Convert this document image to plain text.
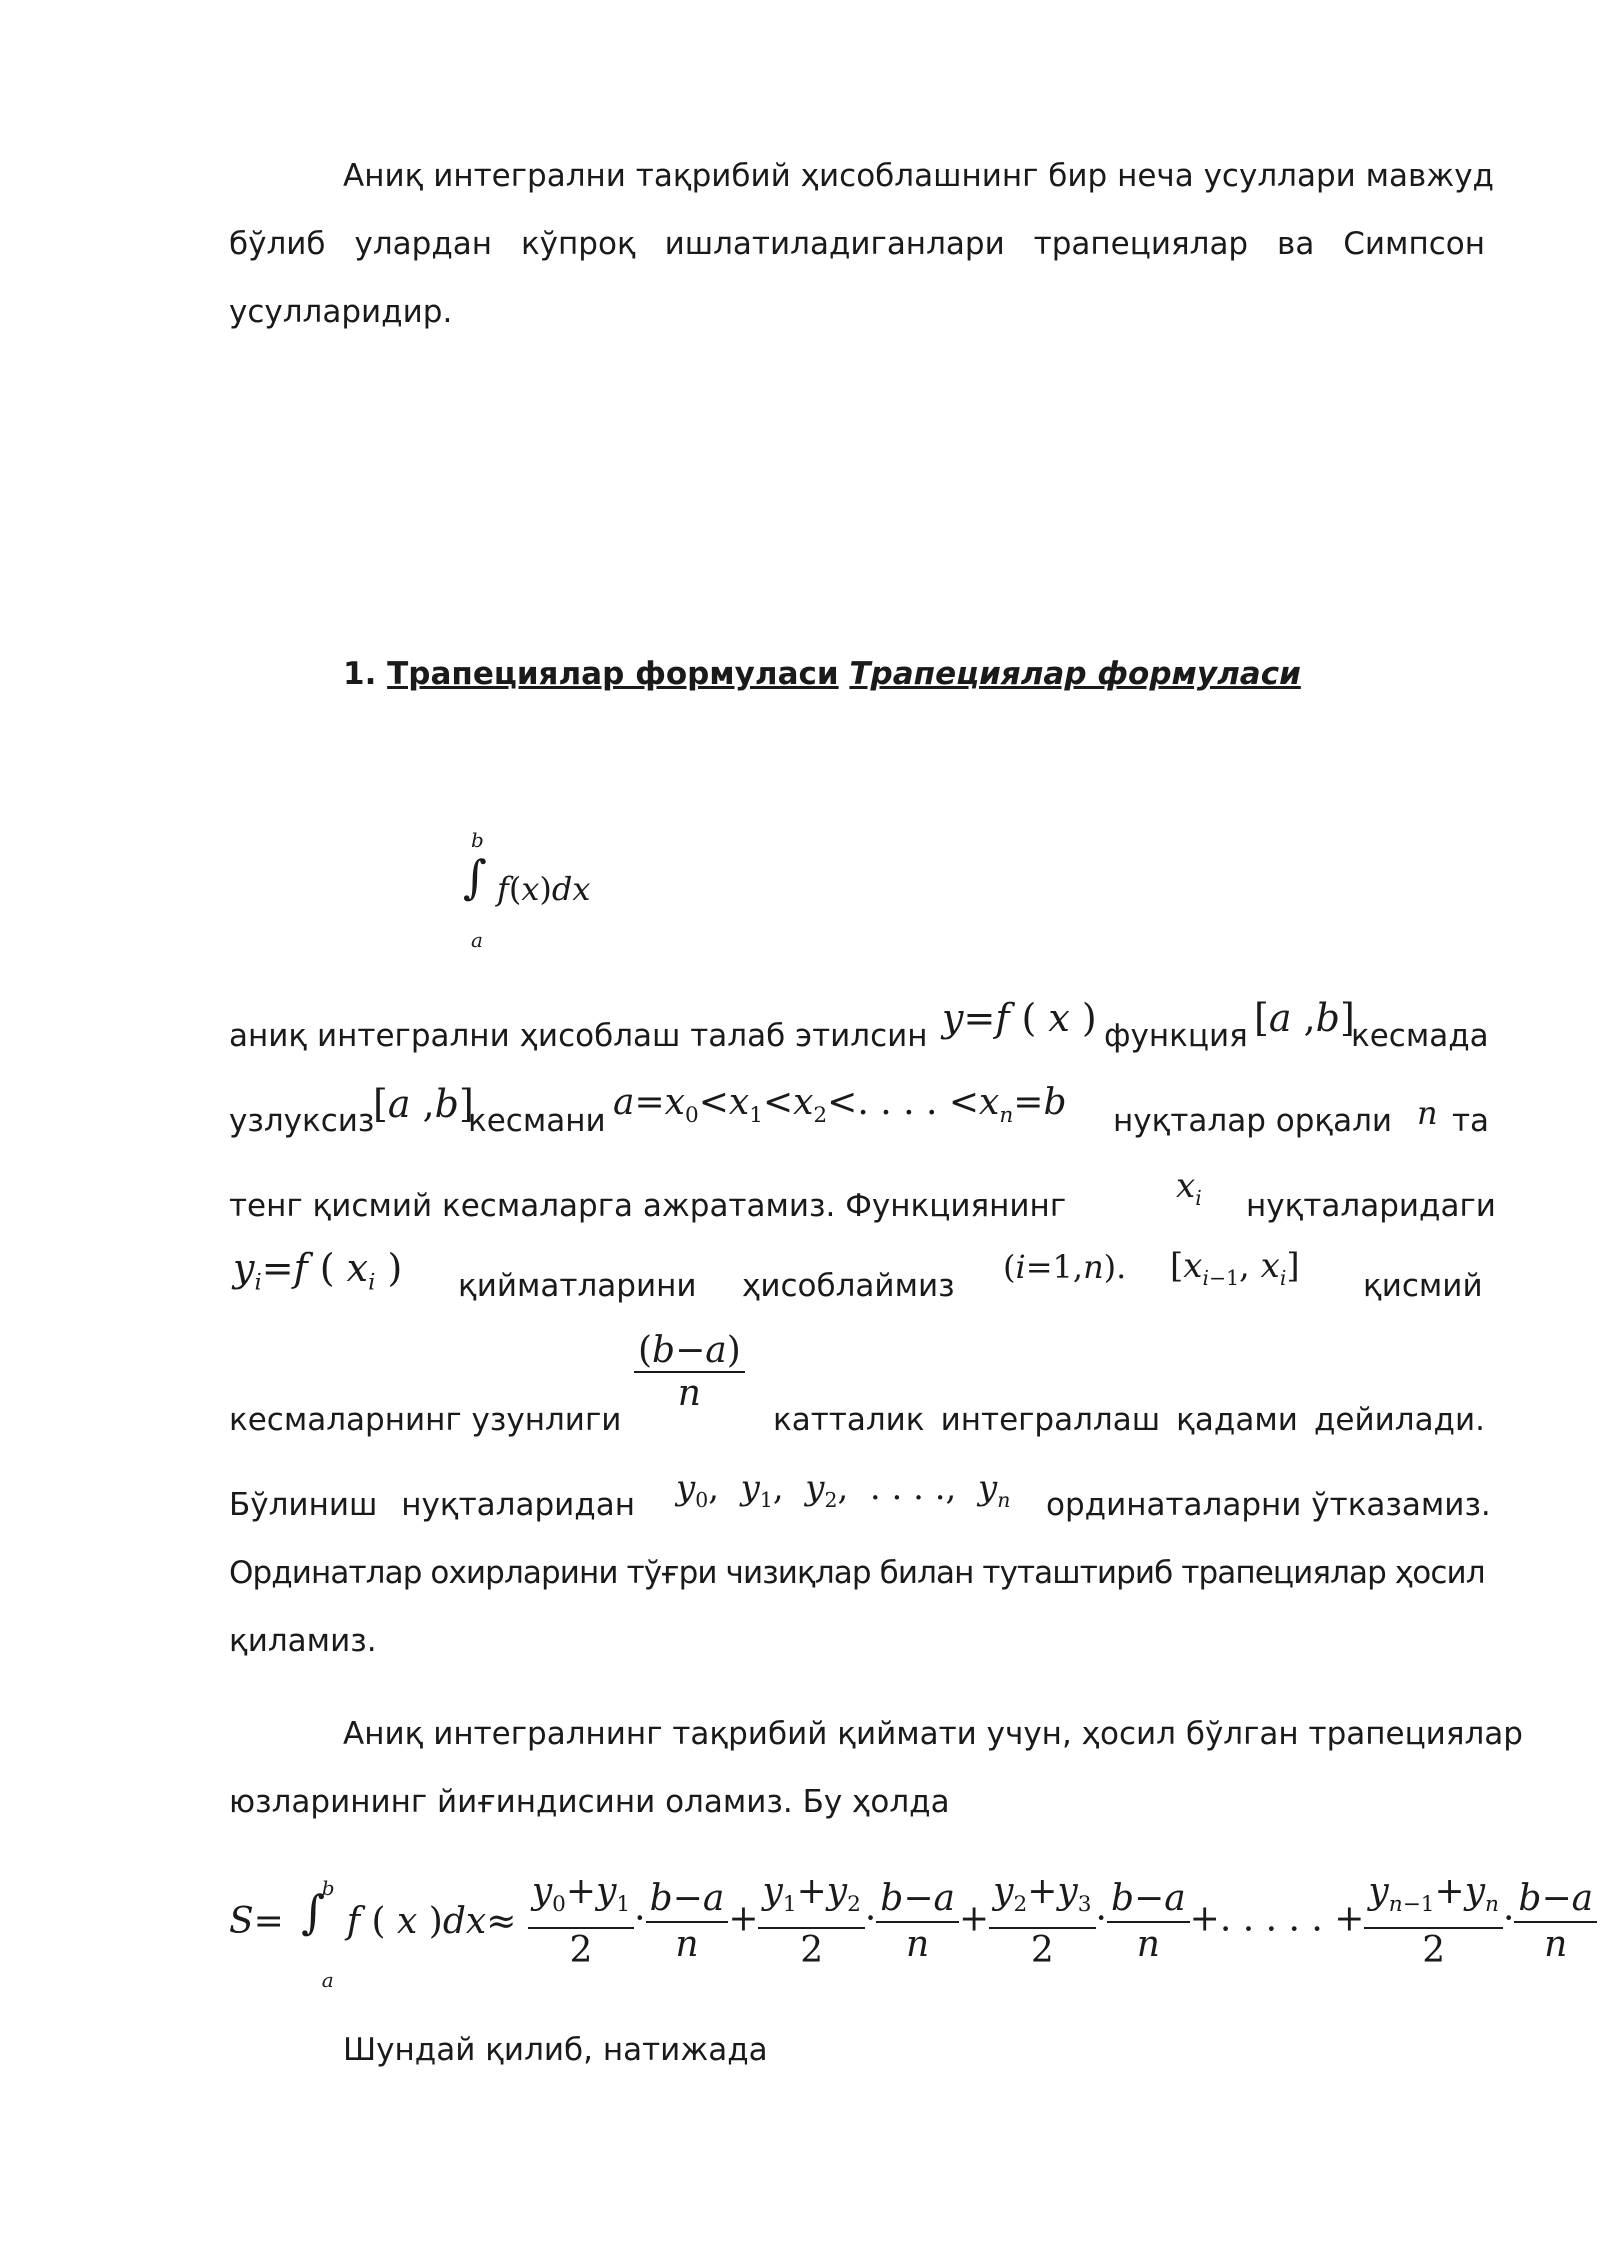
Аниқ интегрални тақрибий ҳисоблашнинг бир неча усуллари мавжуд
бўлиб улардан кўпроқ ишлатиладиганлари трапециялар ва Симпсон
усулларидир.
1. Трапециялар формуласи Трапециялар формуласи
b
∫
a
f(x)dx
аниқ интегрални ҳисоблаш талаб этилсин y=f ( x ) функция [a ,b]
кесмада
узлуксиз
[a ,b]
кесмани $a=x_0<x_1<x_2<$. . . . $<x_n=b$ нуқталар орқали n та
тенг қисмий кесмаларга ажратамиз. Функциянинг	$x_i$ нуқталаридаги
$y_i=f$ ( $x_i$ ) қийматларини ҳисоблаймиз (i=1,n). [$x_{i-1}$, $x_i$] қисмий
кесмаларнинг узунлиги
$\frac{(b-a)}{n}$
катталик интеграллаш қадами дейилади.
Бўлиниш нуқталаридан $y_0$,  $y_1$,  $y_2$,  . . . .,  $y_n$ ординаталарни ўтказамиз.
Ординатлар охирларини тўғри чизиқлар билан туташтириб трапециялар ҳосил
қиламиз.
Аниқ интегралнинг тақрибий қиймати учун, ҳосил бўлган трапециялар
юзларининг йиғиндисини оламиз. Бу ҳолда
S=
b
∫
a
f ( x )$dx\approx \frac{y_0+y_1}{2} \cdot \frac{b-a}{n} + \frac{y_1+y_2}{2} \cdot \frac{b-a}{n} + \frac{y_2+y_3}{2} \cdot \frac{b-a}{n}$ +. . . . . + $\frac{y_{n-1}+y_n}{2} \cdot \frac{b-a}{n}$
Шундай қилиб, натижада
